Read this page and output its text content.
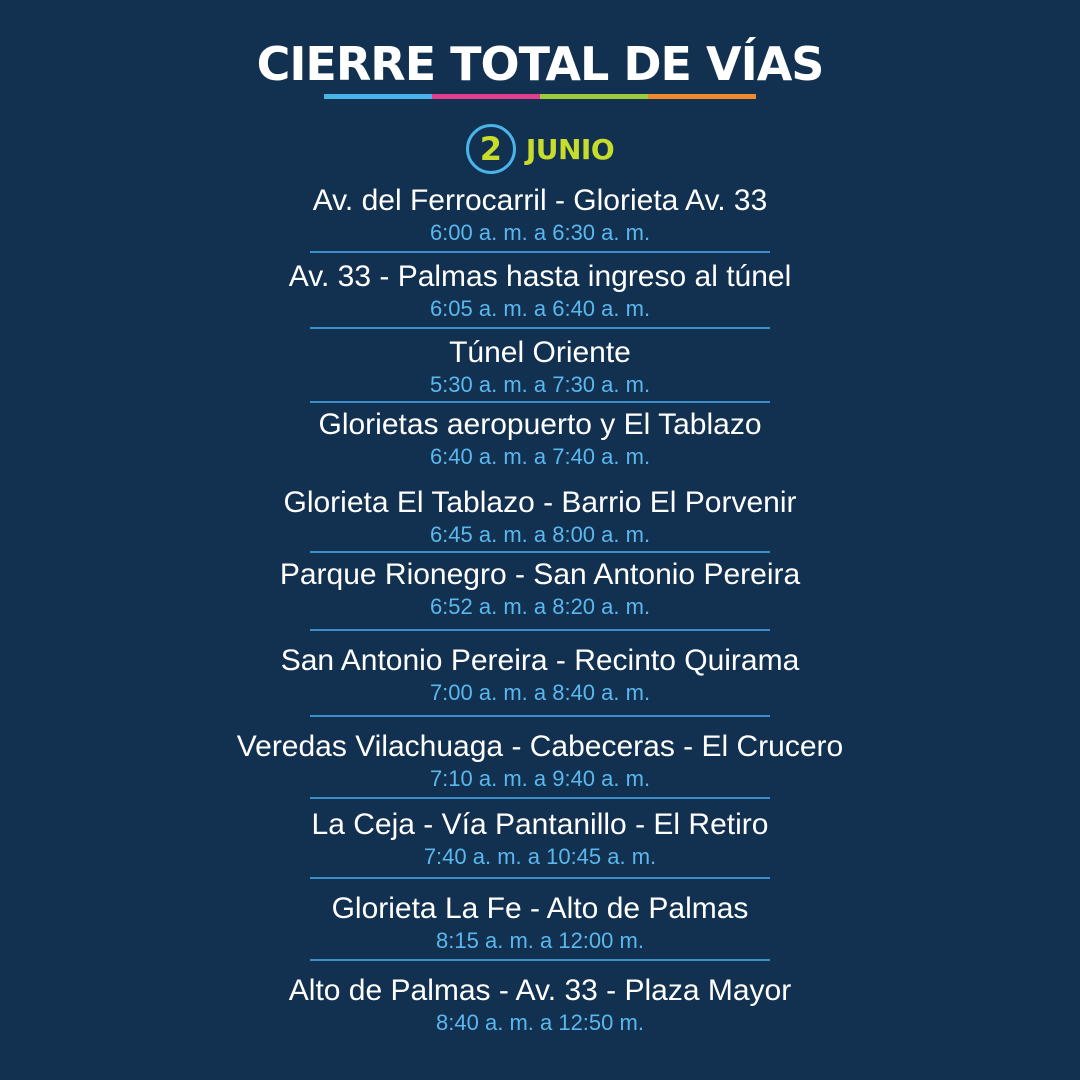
CIERRE TOTAL DE VÍAS
2 JUNIO
Av. del Ferrocarril - Glorieta Av. 33
6:00 a. m. a 6:30 a. m.
Av. 33 - Palmas hasta ingreso al túnel
6:05 a. m. a 6:40 a. m.
Túnel Oriente
5:30 a. m. a 7:30 a. m.
Glorietas aeropuerto y El Tablazo
6:40 a. m. a 7:40 a. m.
Glorieta El Tablazo - Barrio El Porvenir
6:45 a. m. a 8:00 a. m.
Parque Rionegro - San Antonio Pereira
6:52 a. m. a 8:20 a. m.
San Antonio Pereira - Recinto Quirama
7:00 a. m. a 8:40 a. m.
Veredas Vilachuaga - Cabeceras - El Crucero
7:10 a. m. a 9:40 a. m.
La Ceja - Vía Pantanillo - El Retiro
7:40 a. m. a 10:45 a. m.
Glorieta La Fe - Alto de Palmas
8:15 a. m. a 12:00 m.
Alto de Palmas - Av. 33 - Plaza Mayor
8:40 a. m. a 12:50 m.
